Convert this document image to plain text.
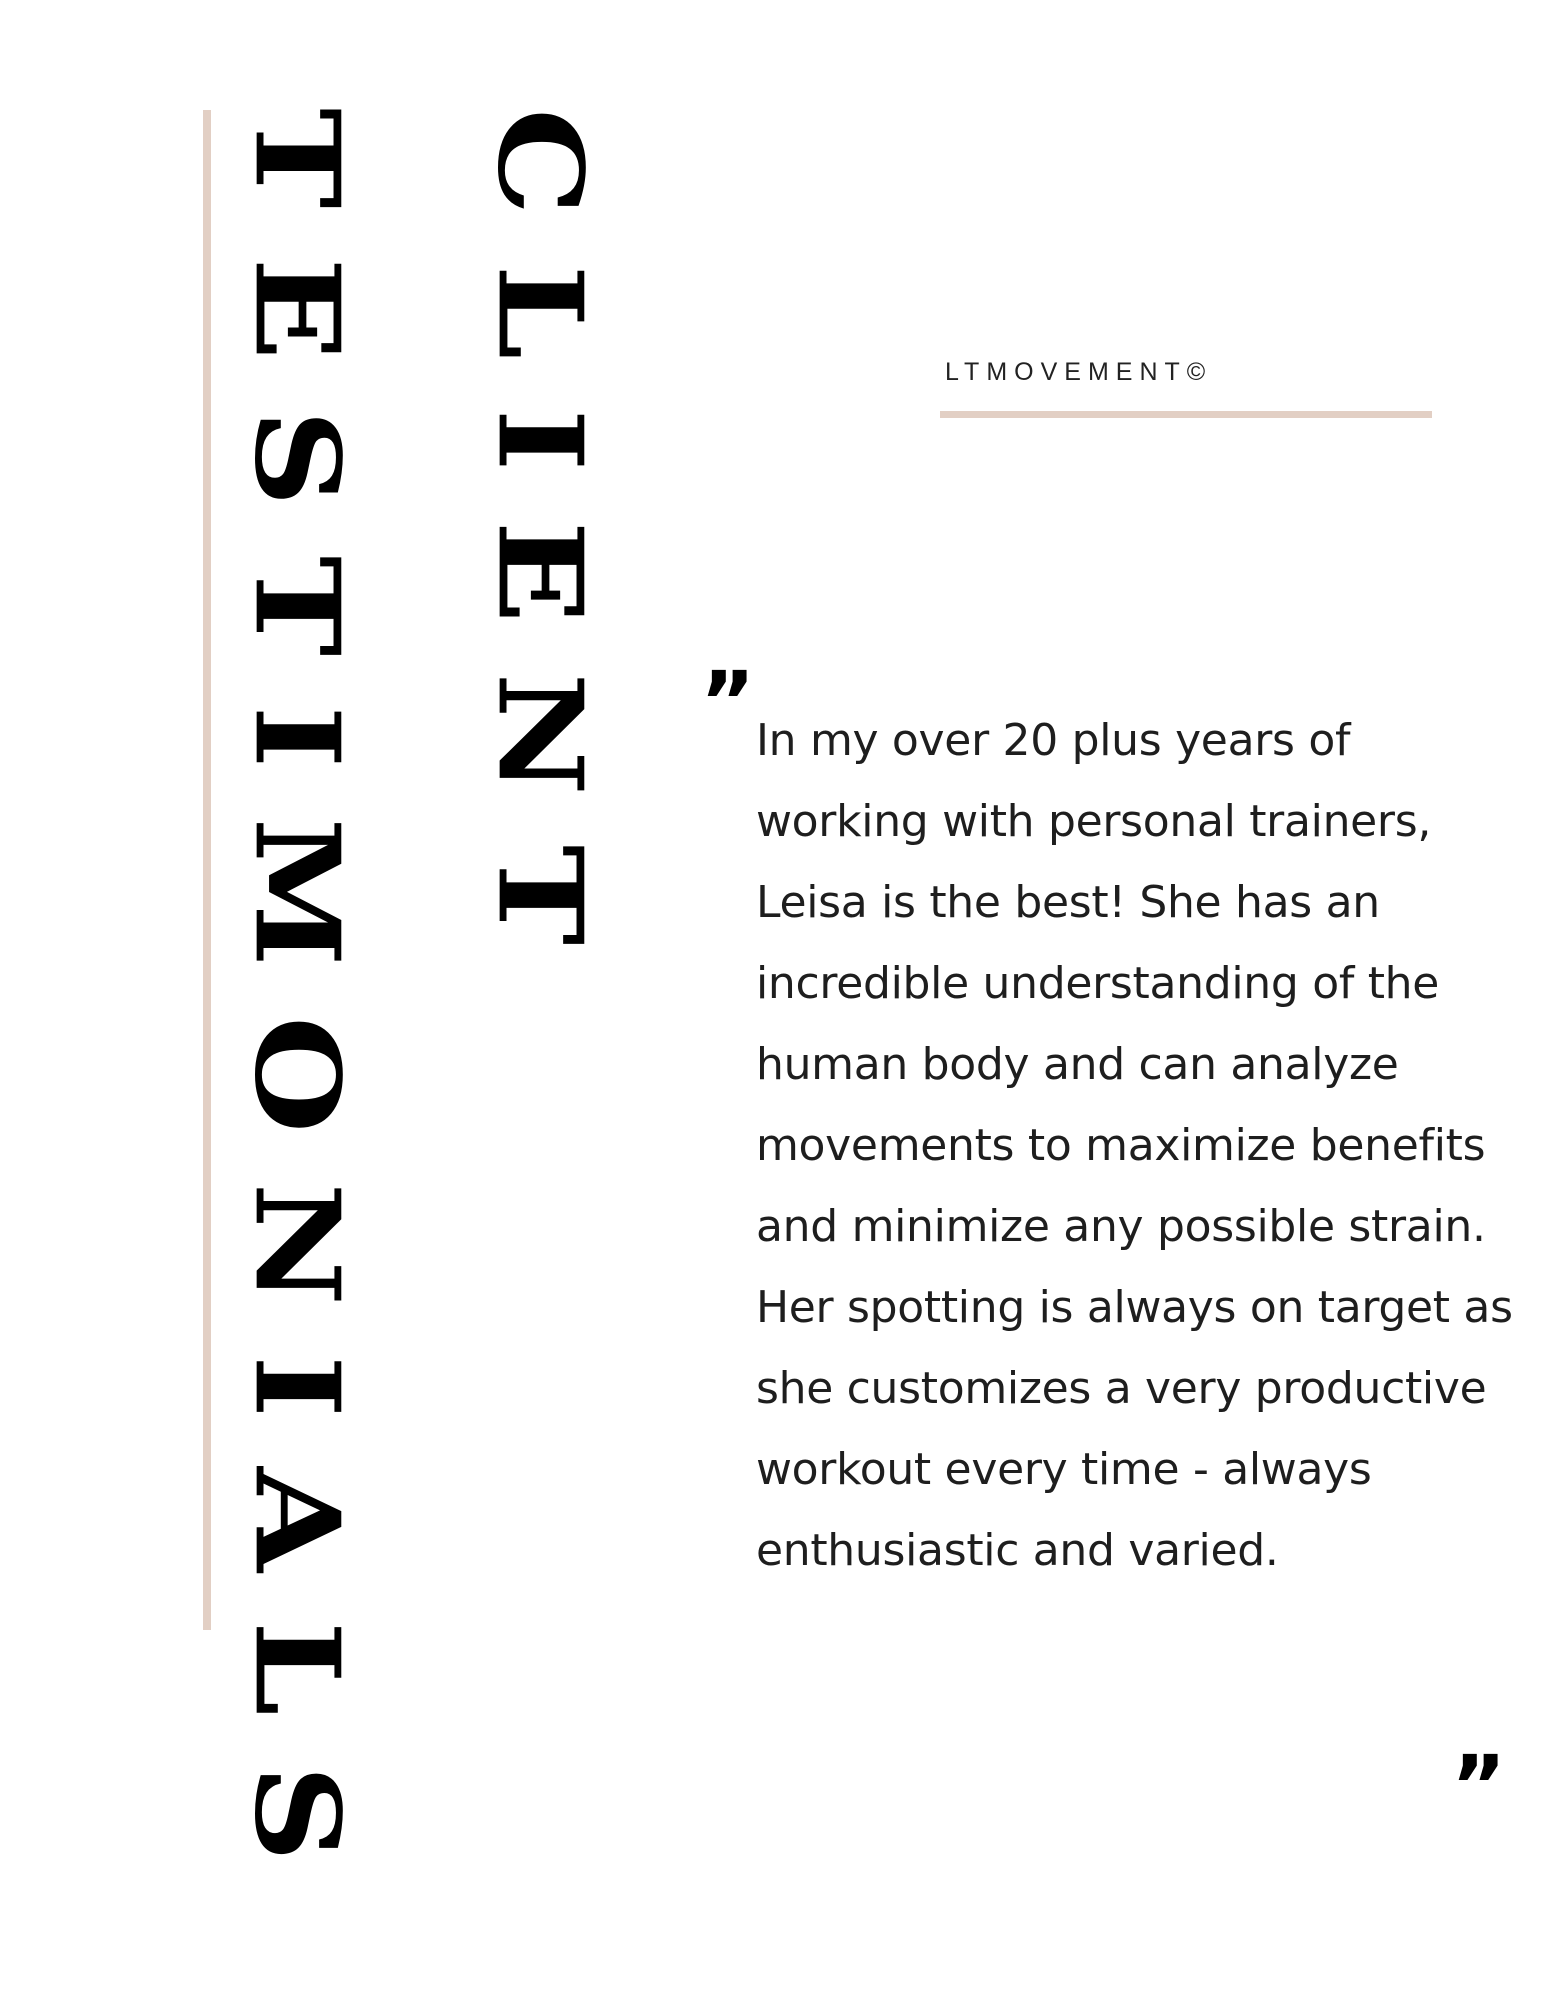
TESTIMONIALS CLIENT	LTMOVEMENT©

” In my over 20 plus years of working with personal trainers, Leisa is the best! She has an incredible understanding of the human body and can analyze movements to maximize benefits and minimize any possible strain. Her spotting is always on target as she customizes a very productive workout every time - always enthusiastic and varied.

”
